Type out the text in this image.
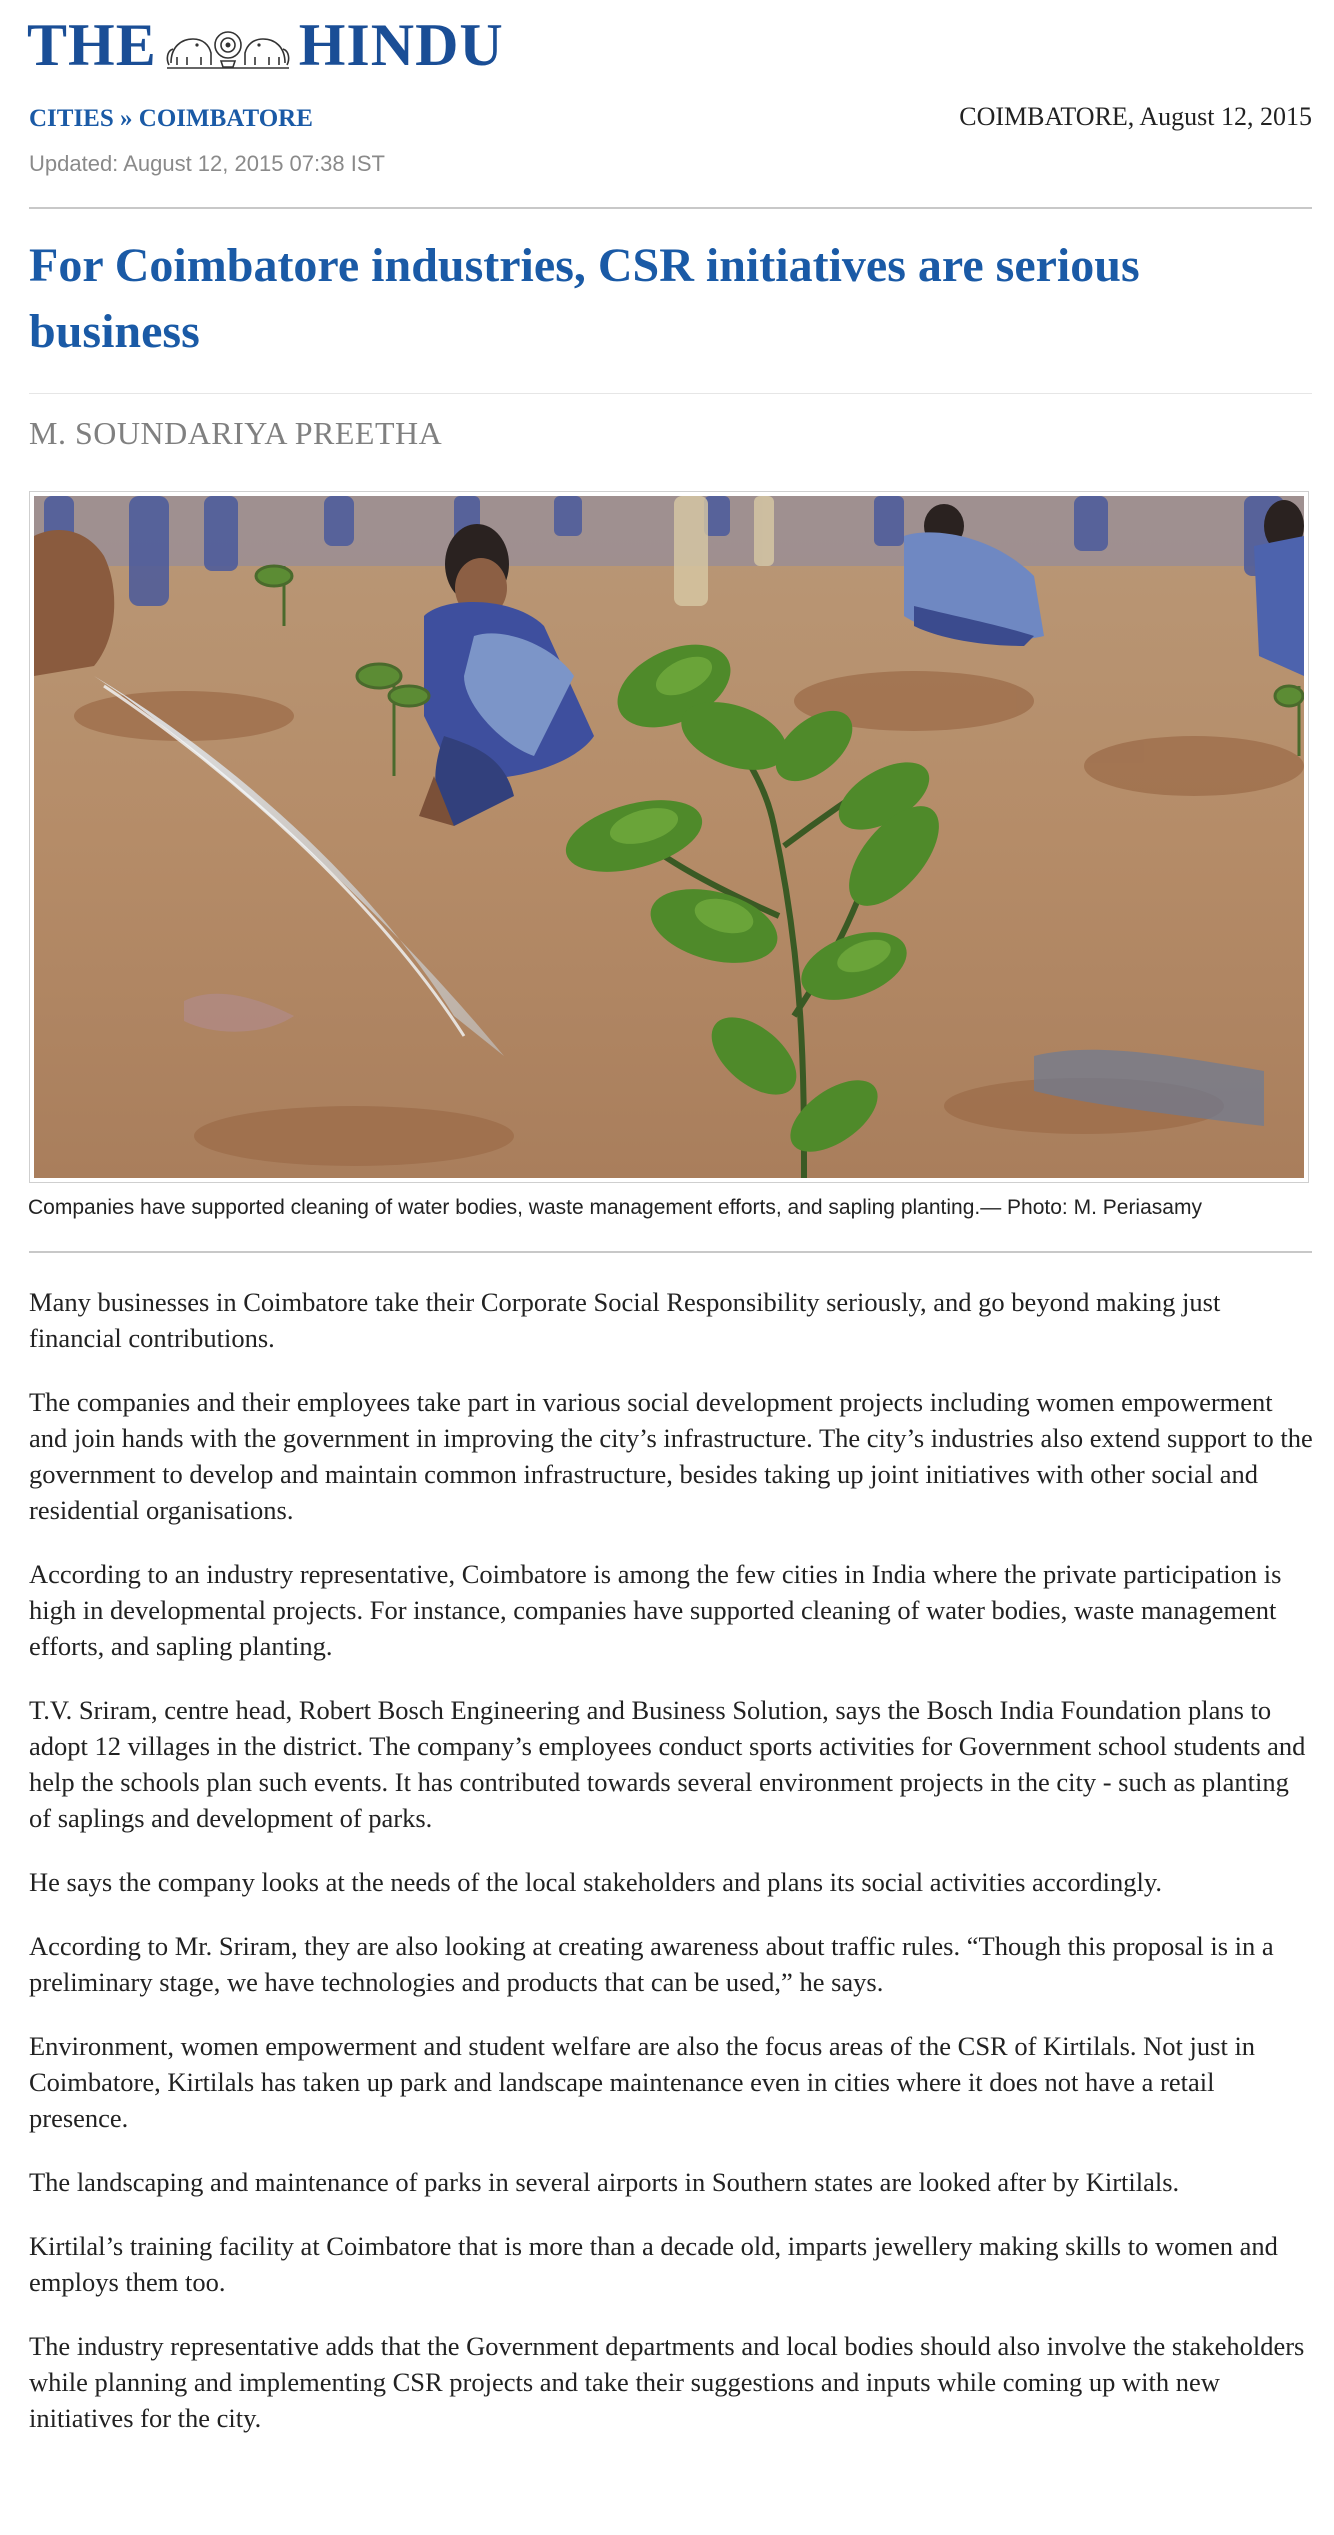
THE HINDU
CITIES » COIMBATORE	COIMBATORE, August 12, 2015
Updated: August 12, 2015 07:38 IST
For Coimbatore industries, CSR initiatives are serious business
M. SOUNDARIYA PREETHA
Companies have supported cleaning of water bodies, waste management efforts, and sapling planting.— Photo: M. Periasamy

Many businesses in Coimbatore take their Corporate Social Responsibility seriously, and go beyond making just financial contributions.

The companies and their employees take part in various social development projects including women empowerment and join hands with the government in improving the city’s infrastructure. The city’s industries also extend support to the government to develop and maintain common infrastructure, besides taking up joint initiatives with other social and residential organisations.

According to an industry representative, Coimbatore is among the few cities in India where the private participation is high in developmental projects. For instance, companies have supported cleaning of water bodies, waste management efforts, and sapling planting.

T.V. Sriram, centre head, Robert Bosch Engineering and Business Solution, says the Bosch India Foundation plans to adopt 12 villages in the district. The company’s employees conduct sports activities for Government school students and help the schools plan such events. It has contributed towards several environment projects in the city - such as planting of saplings and development of parks.

He says the company looks at the needs of the local stakeholders and plans its social activities accordingly.

According to Mr. Sriram, they are also looking at creating awareness about traffic rules. “Though this proposal is in a preliminary stage, we have technologies and products that can be used,” he says.

Environment, women empowerment and student welfare are also the focus areas of the CSR of Kirtilals. Not just in Coimbatore, Kirtilals has taken up park and landscape maintenance even in cities where it does not have a retail presence.

The landscaping and maintenance of parks in several airports in Southern states are looked after by Kirtilals.

Kirtilal’s training facility at Coimbatore that is more than a decade old, imparts jewellery making skills to women and employs them too.

The industry representative adds that the Government departments and local bodies should also involve the stakeholders while planning and implementing CSR projects and take their suggestions and inputs while coming up with new initiatives for the city.
